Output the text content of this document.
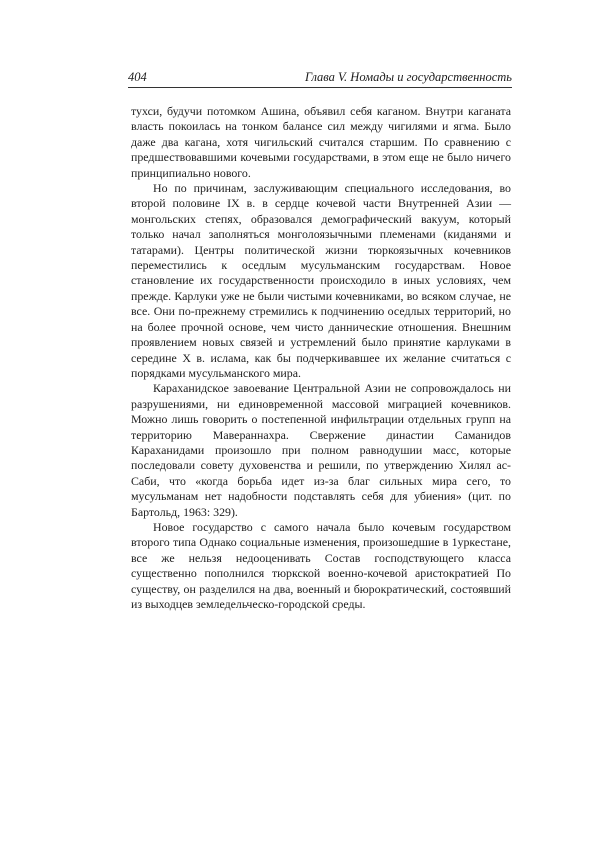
404	Глава V. Номады и государственность

тухси, будучи потомком Ашина, объявил себя каганом. Внутри каганата власть покоилась на тонком балансе сил между чигилями и ягма. Было даже два кагана, хотя чигильский считался старшим. По сравнению с предшествовавшими кочевыми государствами, в этом еще не было ничего принципиально нового.

Но по причинам, заслуживающим специального исследования, во второй половине IX в. в сердце кочевой части Внутренней Азии — монгольских степях, образовался демографический вакуум, который только начал заполняться монголоязычными племенами (киданями и татарами). Центры политической жизни тюркоязычных кочевников переместились к оседлым мусульманским государствам. Новое становление их государственности происходило в иных условиях, чем прежде. Карлуки уже не были чистыми кочевниками, во всяком случае, не все. Они по-прежнему стремились к подчинению оседлых территорий, но на более прочной основе, чем чисто даннические отношения. Внешним проявлением новых связей и устремлений было принятие карлуками в середине X в. ислама, как бы подчеркивавшее их желание считаться с порядками мусульманского мира.

Караханидское завоевание Центральной Азии не сопровождалось ни разрушениями, ни единовременной массовой миграцией кочевников. Можно лишь говорить о постепенной инфильтрации отдельных групп на территорию Мавераннахра. Свержение династии Саманидов Караханидами произошло при полном равнодушии масс, которые последовали совету духовенства и решили, по утверждению Хилял ас-Саби, что «когда борьба идет из-за благ сильных мира сего, то мусульманам нет надобности подставлять себя для убиения» (цит. по Бартольд, 1963: 329).

Новое государство с самого начала было кочевым государством второго типа Однако социальные изменения, произошедшие в 1уркестане, все же нельзя недооценивать Состав господствующего класса существенно пополнился тюркской военно-кочевой аристократией По существу, он разделился на два, военный и бюрократический, состоявший из выходцев земледельческо-городской среды.
